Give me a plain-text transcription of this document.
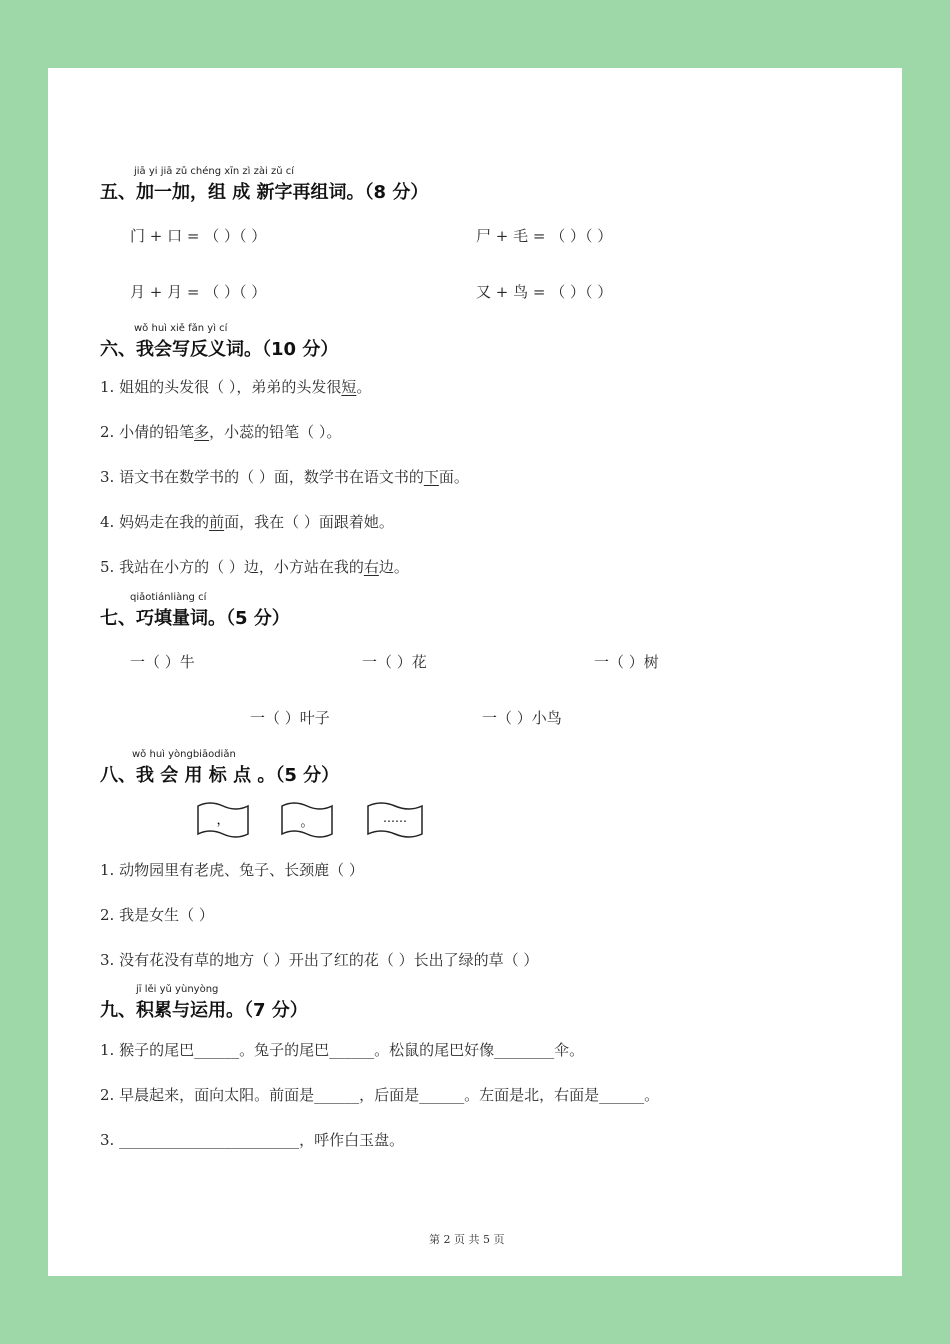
jiā yi jiā zǔ chéng xīn zì zài zǔ cí
五、加一加，组 成 新字再组词。（8 分）
门 + 口 = （ ）（ ）	尸 + 毛 = （ ）（ ）
月 + 月 = （ ）（ ）	又 + 鸟 = （ ）（ ）
wǒ huì xiě fǎn yì cí
六、我会写反义词。（10 分）
1. 姐姐的头发很（ ），弟弟的头发很短。
2. 小倩的铅笔多，小蕊的铅笔（ ）。
3. 语文书在数学书的（ ）面，数学书在语文书的下面。
4. 妈妈走在我的前面，我在（ ）面跟着她。
5. 我站在小方的（ ）边，小方站在我的右边。
qiǎotiánliàng cí
七、巧填量词。（5 分）
一（ ）牛	一（ ）花	一（ ）树
一（ ）叶子	一（ ）小鸟
wǒ huì yòngbiāodiǎn
八、我 会 用 标 点 。（5 分）
，	。	……
1. 动物园里有老虎、兔子、长颈鹿（ ）
2. 我是女生（ ）
3. 没有花没有草的地方（ ）开出了红的花（ ）长出了绿的草（ ）
jī lěi yǔ yùnyòng
九、积累与运用。（7 分）
1. 猴子的尾巴______。兔子的尾巴______。松鼠的尾巴好像________伞。
2. 早晨起来，面向太阳。前面是______，后面是______。左面是北，右面是______。
3. ________________________，呼作白玉盘。
第 2 页 共 5 页
